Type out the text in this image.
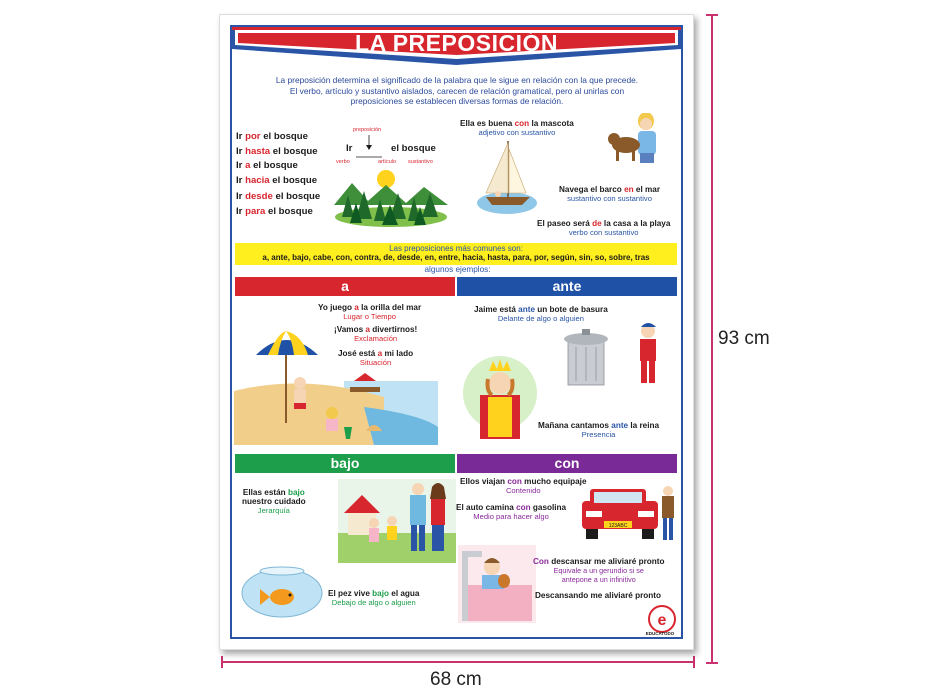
93 cm
68 cm
LA PREPOSICIÓN
La preposición determina el significado de la palabra que le sigue en relación con la que precede.
El verbo, artículo y sustantivo aislados, carecen de relación gramatical, pero al unirlas con
preposiciones se establecen diversas formas de relación.
Ir por el bosque
Ir hasta el bosque
Ir a el bosque
Ir hacia el bosque
Ir desde el bosque
Ir para el bosque
preposición
Ir	el bosque
verbo	artículo sustantivo
Ella es buena con la mascota
adjetivo con sustantivo
Navega el barco en el mar
sustantivo con sustantivo
El paseo será de la casa a la playa
verbo con sustantivo
Las preposiciones más comunes son:
a, ante, bajo, cabe, con, contra, de, desde, en, entre, hacia, hasta, para, por, según, sin, so, sobre, tras
algunos ejemplos:
a	ante
Yo juego a la orilla del mar
Lugar o Tiempo
¡Vamos a divertirnos!
Exclamación
José está a mi lado
Situación
Jaime está ante un bote de basura
Delante de algo o alguien
Mañana cantamos ante la reina
Presencia
bajo	con
Ellas están bajo
nuestro cuidado
Jerarquía
El pez vive bajo el agua
Debajo de algo o alguien
Ellos viajan con mucho equipaje
Contenido
El auto camina con gasolina
Medio para hacer algo
123ABC
Con descansar me aliviaré pronto
Equivale a un gerundio si se
antepone a un infinitivo
Descansando me aliviaré pronto
e
EDUCATODO
